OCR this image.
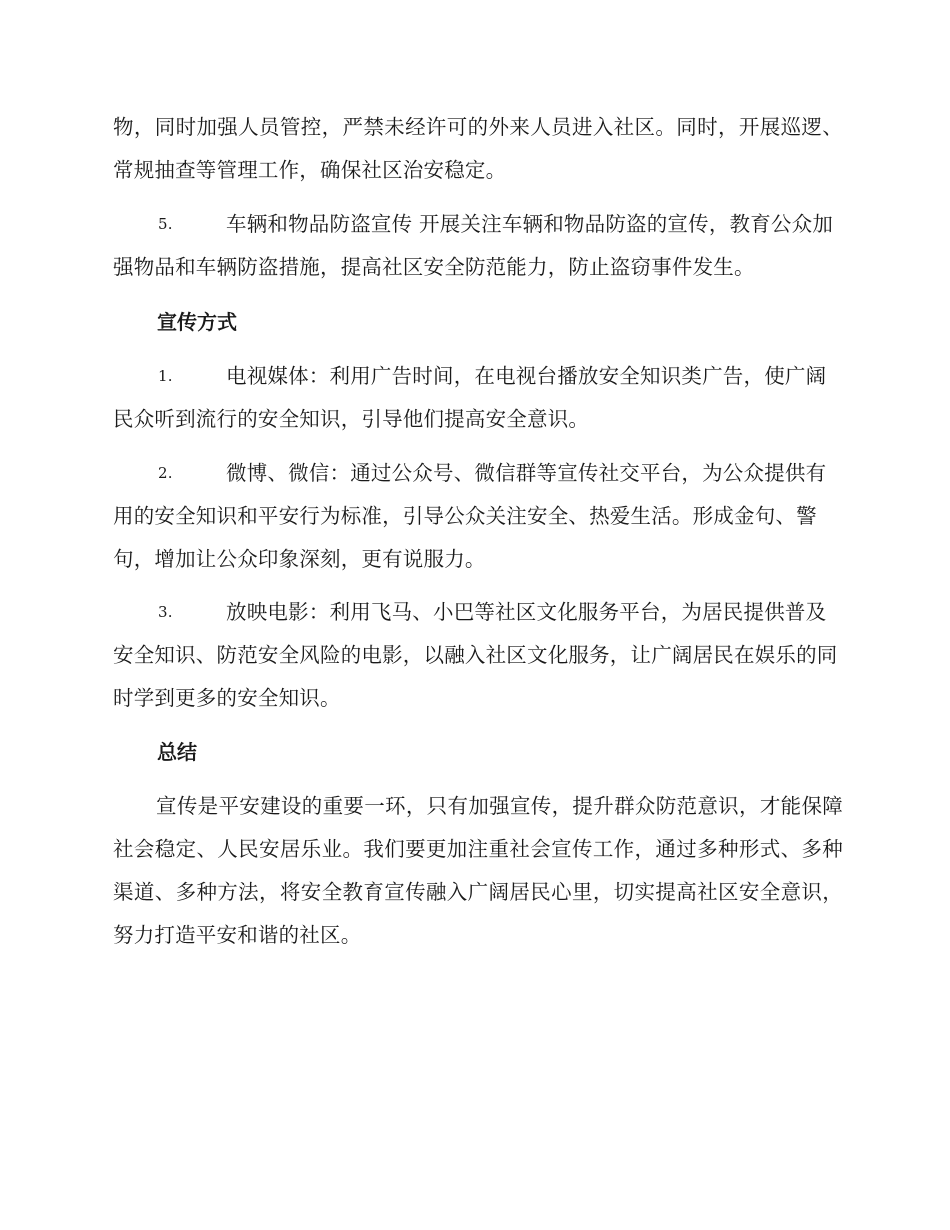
物，同时加强人员管控，严禁未经许可的外来人员进入社区。同时，开展巡逻、常规抽查等管理工作，确保社区治安稳定。

5.	车辆和物品防盗宣传 开展关注车辆和物品防盗的宣传，教育公众加强物品和车辆防盗措施，提高社区安全防范能力，防止盗窃事件发生。

宣传方式

1.	电视媒体：利用广告时间，在电视台播放安全知识类广告，使广阔民众听到流行的安全知识，引导他们提高安全意识。

2.	微博、微信：通过公众号、微信群等宣传社交平台，为公众提供有用的安全知识和平安行为标准，引导公众关注安全、热爱生活。形成金句、警句，增加让公众印象深刻，更有说服力。

3.	放映电影：利用飞马、小巴等社区文化服务平台，为居民提供普及安全知识、防范安全风险的电影，以融入社区文化服务，让广阔居民在娱乐的同时学到更多的安全知识。

总结

宣传是平安建设的重要一环，只有加强宣传，提升群众防范意识，才能保障社会稳定、人民安居乐业。我们要更加注重社会宣传工作，通过多种形式、多种渠道、多种方法，将安全教育宣传融入广阔居民心里，切实提高社区安全意识，努力打造平安和谐的社区。
